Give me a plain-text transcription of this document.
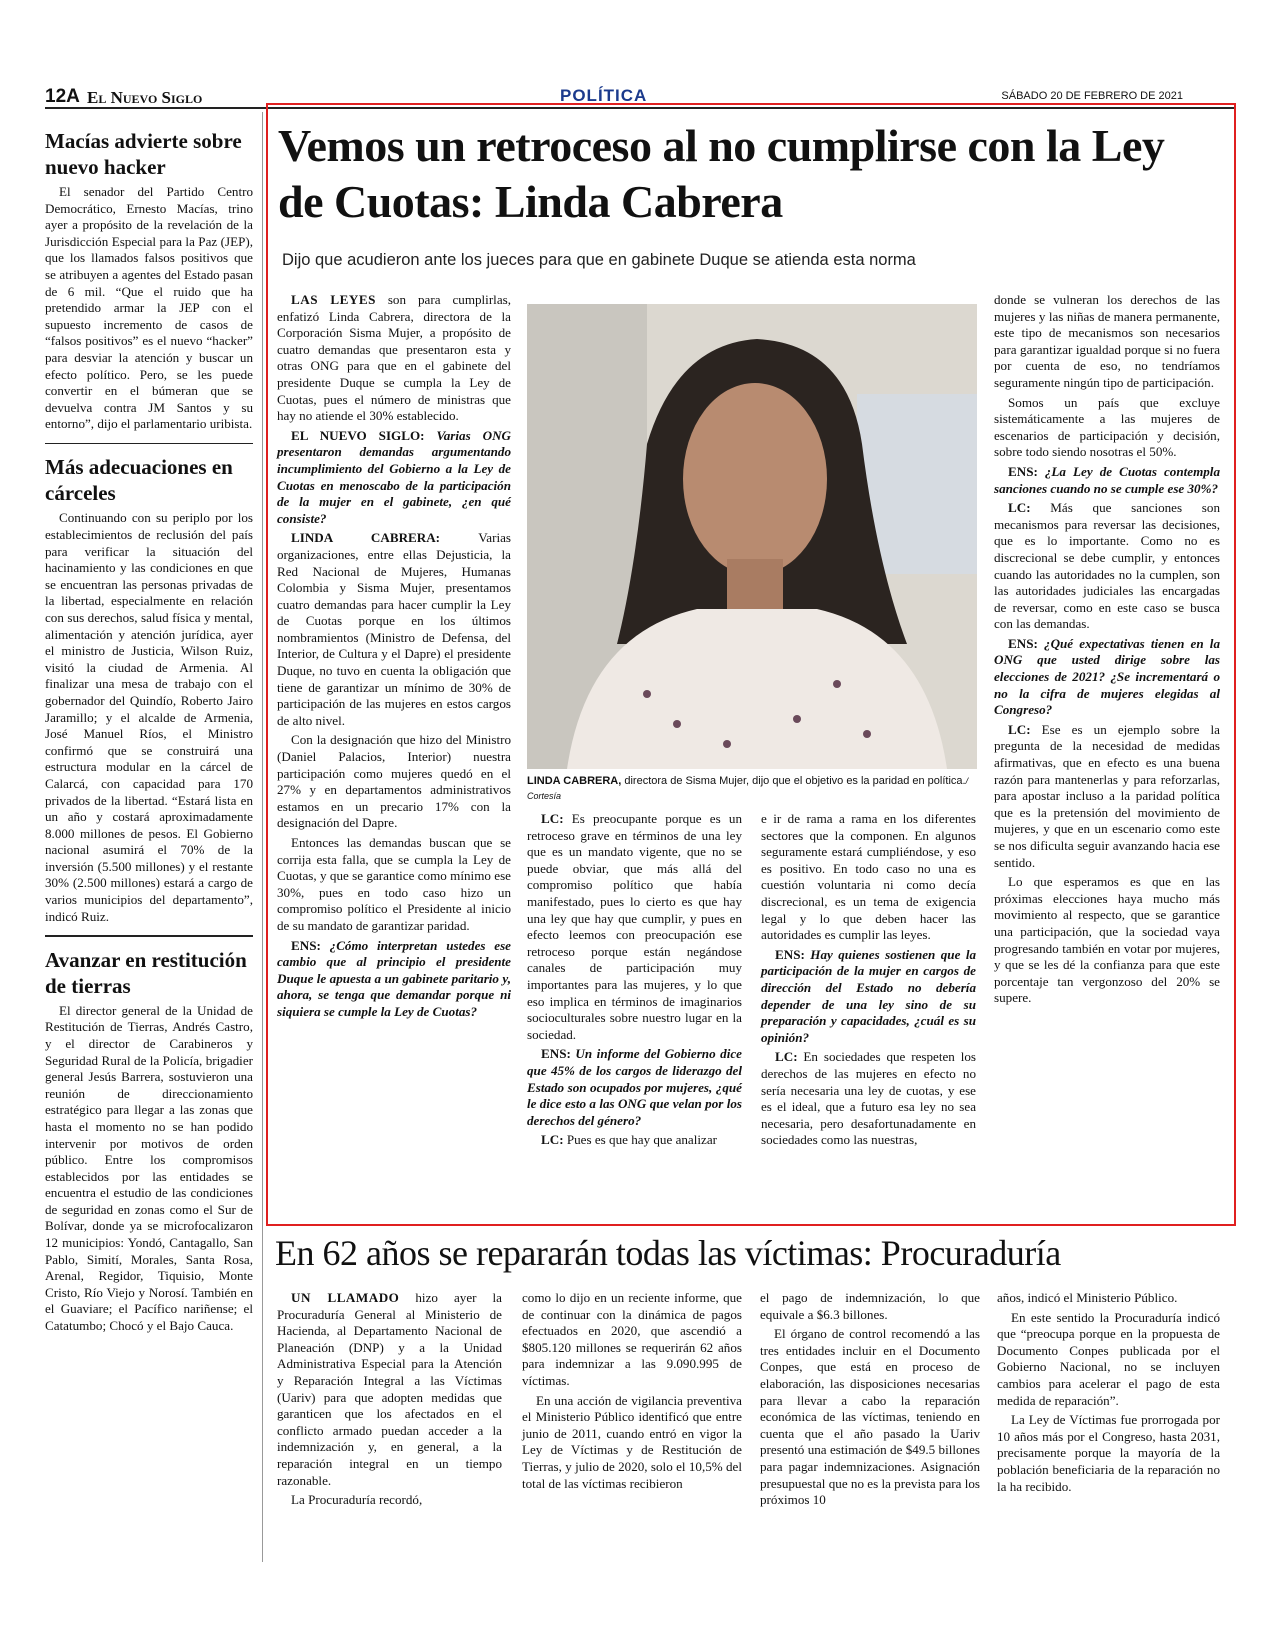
12A El Nuevo Siglo	POLÍTICA	SÁBADO 20 DE FEBRERO DE 2021
Macías advierte sobre nuevo hacker

El senador del Partido Centro Democrático, Ernesto Macías, trino ayer a propósito de la revelación de la Jurisdicción Especial para la Paz (JEP), que los llamados falsos positivos que se atribuyen a agentes del Estado pasan de 6 mil. “Que el ruido que ha pretendido armar la JEP con el supuesto incremento de casos de “falsos positivos” es el nuevo “hacker” para desviar la atención y buscar un efecto político. Pero, se les puede convertir en el búmeran que se devuelva contra JM Santos y su entorno”, dijo el parlamentario uribista.

Más adecuaciones en cárceles

Continuando con su periplo por los establecimientos de reclusión del país para verificar la situación del hacinamiento y las condiciones en que se encuentran las personas privadas de la libertad, especialmente en relación con sus derechos, salud física y mental, alimentación y atención jurídica, ayer el ministro de Justicia, Wilson Ruiz, visitó la ciudad de Armenia. Al finalizar una mesa de trabajo con el gobernador del Quindío, Roberto Jairo Jaramillo; y el alcalde de Armenia, José Manuel Ríos, el Ministro confirmó que se construirá una estructura modular en la cárcel de Calarcá, con capacidad para 170 privados de la libertad. “Estará lista en un año y costará aproximadamente 8.000 millones de pesos. El Gobierno nacional asumirá el 70% de la inversión (5.500 millones) y el restante 30% (2.500 millones) estará a cargo de varios municipios del departamento”, indicó Ruiz.

Avanzar en restitución de tierras

El director general de la Unidad de Restitución de Tierras, Andrés Castro, y el director de Carabineros y Seguridad Rural de la Policía, brigadier general Jesús Barrera, sostuvieron una reunión de direccionamiento estratégico para llegar a las zonas que hasta el momento no se han podido intervenir por motivos de orden público. Entre los compromisos establecidos por las entidades se encuentra el estudio de las condiciones de seguridad en zonas como el Sur de Bolívar, donde ya se microfocalizaron 12 municipios: Yondó, Cantagallo, San Pablo, Simití, Morales, Santa Rosa, Arenal, Regidor, Tiquisio, Monte Cristo, Río Viejo y Norosí. También en el Guaviare; el Pacífico nariñense; el Catatumbo; Chocó y el Bajo Cauca.

Vemos un retroceso al no cumplirse con la Ley de Cuotas: Linda Cabrera

Dijo que acudieron ante los jueces para que en gabinete Duque se atienda esta norma

LAS LEYES son para cumplirlas, enfatizó Linda Cabrera, directora de la Corporación Sisma Mujer, a propósito de cuatro demandas que presentaron esta y otras ONG para que en el gabinete del presidente Duque se cumpla la Ley de Cuotas, pues el número de ministras que hay no atiende el 30% establecido.

EL NUEVO SIGLO: Varias ONG presentaron demandas argumentando incumplimiento del Gobierno a la Ley de Cuotas en menoscabo de la participación de la mujer en el gabinete, ¿en qué consiste?

LINDA CABRERA: Varias organizaciones, entre ellas Dejusticia, la Red Nacional de Mujeres, Humanas Colombia y Sisma Mujer, presentamos cuatro demandas para hacer cumplir la Ley de Cuotas porque en los últimos nombramientos (Ministro de Defensa, del Interior, de Cultura y el Dapre) el presidente Duque, no tuvo en cuenta la obligación que tiene de garantizar un mínimo de 30% de participación de las mujeres en estos cargos de alto nivel.

Con la designación que hizo del Ministro (Daniel Palacios, Interior) nuestra participación como mujeres quedó en el 27% y en departamentos administrativos estamos en un precario 17% con la designación del Dapre.

Entonces las demandas buscan que se corrija esta falla, que se cumpla la Ley de Cuotas, y que se garantice como mínimo ese 30%, pues en todo caso hizo un compromiso político el Presidente al inicio de su mandato de garantizar paridad.

ENS: ¿Cómo interpretan ustedes ese cambio que al principio el presidente Duque le apuesta a un gabinete paritario y, ahora, se tenga que demandar porque ni siquiera se cumple la Ley de Cuotas?

LINDA CABRERA, directora de Sisma Mujer, dijo que el objetivo es la paridad en política./ Cortesía

LC: Es preocupante porque es un retroceso grave en términos de una ley que es un mandato vigente, que no se puede obviar, que más allá del compromiso político que había manifestado, pues lo cierto es que hay una ley que hay que cumplir, y pues en efecto leemos con preocupación ese retroceso porque están negándose canales de participación muy importantes para las mujeres, y lo que eso implica en términos de imaginarios socioculturales sobre nuestro lugar en la sociedad.

ENS: Un informe del Gobierno dice que 45% de los cargos de liderazgo del Estado son ocupados por mujeres, ¿qué le dice esto a las ONG que velan por los derechos del género?

LC: Pues es que hay que analizar

e ir de rama a rama en los diferentes sectores que la componen. En algunos seguramente estará cumpliéndose, y eso es positivo. En todo caso no una es cuestión voluntaria ni como decía discrecional, es un tema de exigencia legal y lo que deben hacer las autoridades es cumplir las leyes.

ENS: Hay quienes sostienen que la participación de la mujer en cargos de dirección del Estado no debería depender de una ley sino de su preparación y capacidades, ¿cuál es su opinión?

LC: En sociedades que respeten los derechos de las mujeres en efecto no sería necesaria una ley de cuotas, y ese es el ideal, que a futuro esa ley no sea necesaria, pero desafortunadamente en sociedades como las nuestras,

donde se vulneran los derechos de las mujeres y las niñas de manera permanente, este tipo de mecanismos son necesarios para garantizar igualdad porque si no fuera por cuenta de eso, no tendríamos seguramente ningún tipo de participación.

Somos un país que excluye sistemáticamente a las mujeres de escenarios de participación y decisión, sobre todo siendo nosotras el 50%.

ENS: ¿La Ley de Cuotas contempla sanciones cuando no se cumple ese 30%?

LC: Más que sanciones son mecanismos para reversar las decisiones, que es lo importante. Como no es discrecional se debe cumplir, y entonces cuando las autoridades no la cumplen, son las autoridades judiciales las encargadas de reversar, como en este caso se busca con las demandas.

ENS: ¿Qué expectativas tienen en la ONG que usted dirige sobre las elecciones de 2021? ¿Se incrementará o no la cifra de mujeres elegidas al Congreso?

LC: Ese es un ejemplo sobre la pregunta de la necesidad de medidas afirmativas, que en efecto es una buena razón para mantenerlas y para reforzarlas, para apostar incluso a la paridad política que es la pretensión del movimiento de mujeres, y que en un escenario como este se nos dificulta seguir avanzando hacia ese sentido.

Lo que esperamos es que en las próximas elecciones haya mucho más movimiento al respecto, que se garantice una participación, que la sociedad vaya progresando también en votar por mujeres, y que se les dé la confianza para que este porcentaje tan vergonzoso del 20% se supere.

En 62 años se repararán todas las víctimas: Procuraduría

UN LLAMADO hizo ayer la Procuraduría General al Ministerio de Hacienda, al Departamento Nacional de Planeación (DNP) y a la Unidad Administrativa Especial para la Atención y Reparación Integral a las Víctimas (Uariv) para que adopten medidas que garanticen que los afectados en el conflicto armado puedan acceder a la indemnización y, en general, a la reparación integral en un tiempo razonable.

La Procuraduría recordó,

como lo dijo en un reciente informe, que de continuar con la dinámica de pagos efectuados en 2020, que ascendió a $805.120 millones se requerirán 62 años para indemnizar a las 9.090.995 de víctimas.

En una acción de vigilancia preventiva el Ministerio Público identificó que entre junio de 2011, cuando entró en vigor la Ley de Víctimas y de Restitución de Tierras, y julio de 2020, solo el 10,5% del total de las víctimas recibieron

el pago de indemnización, lo que equivale a $6.3 billones.

El órgano de control recomendó a las tres entidades incluir en el Documento Conpes, que está en proceso de elaboración, las disposiciones necesarias para llevar a cabo la reparación económica de las víctimas, teniendo en cuenta que el año pasado la Uariv presentó una estimación de $49.5 billones para pagar indemnizaciones. Asignación presupuestal que no es la prevista para los próximos 10

años, indicó el Ministerio Público.

En este sentido la Procuraduría indicó que “preocupa porque en la propuesta de Documento Conpes publicada por el Gobierno Nacional, no se incluyen cambios para acelerar el pago de esta medida de reparación”.

La Ley de Víctimas fue prorrogada por 10 años más por el Congreso, hasta 2031, precisamente porque la mayoría de la población beneficiaria de la reparación no la ha recibido.
